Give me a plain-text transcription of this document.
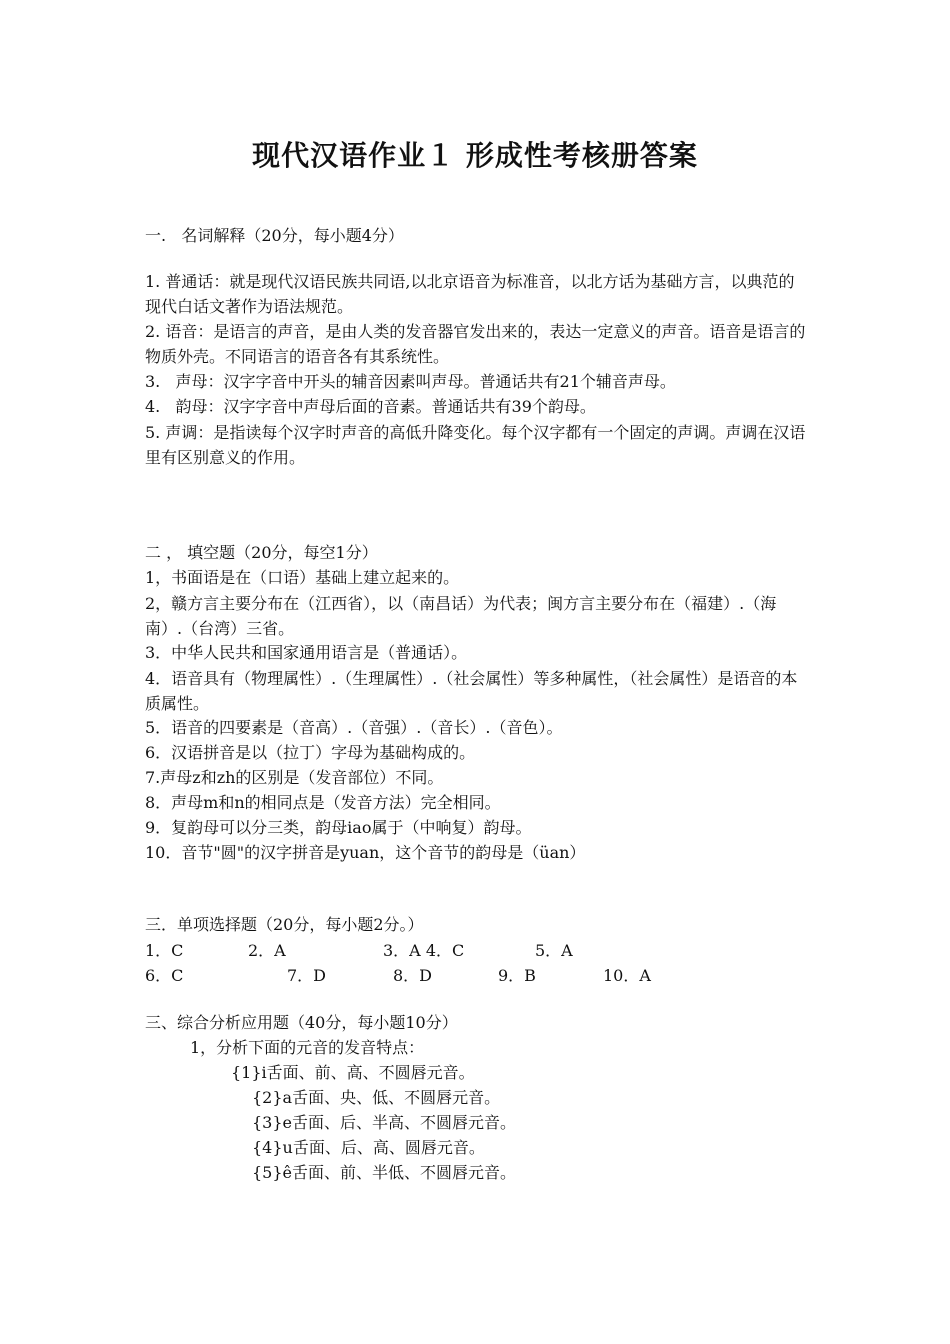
现代汉语作业１ 形成性考核册答案
一.   名词解释（20分，每小题4分）
1. 普通话：就是现代汉语民族共同语,以北京语音为标准音，以北方话为基础方言，以典范的现代白话文著作为语法规范。
2. 语音：是语言的声音，是由人类的发音器官发出来的，表达一定意义的声音。语音是语言的物质外壳。不同语言的语音各有其系统性。
3.   声母：汉字字音中开头的辅音因素叫声母。普通话共有21个辅音声母。
4.   韵母：汉字字音中声母后面的音素。普通话共有39个韵母。
5. 声调：是指读每个汉字时声音的高低升降变化。每个汉字都有一个固定的声调。声调在汉语里有区别意义的作用。
二 ， 填空题（20分，每空1分）
1，书面语是在（口语）基础上建立起来的。
2，赣方言主要分布在（江西省），以（南昌话）为代表；闽方言主要分布在（福建）.（海南）.（台湾）三省。
3．中华人民共和国家通用语言是（普通话）。
4．语音具有（物理属性）.（生理属性）.（社会属性）等多种属性，（社会属性）是语音的本质属性。
5．语音的四要素是（音高）.（音强）.（音长）.（音色）。
6．汉语拼音是以（拉丁）字母为基础构成的。
7.声母z和zh的区别是（发音部位）不同。
8．声母m和n的相同点是（发音方法）完全相同。
9．复韵母可以分三类，韵母iao属于（中响复）韵母。
10．音节"圆"的汉字拼音是yuan，这个音节的韵母是（üan）
三．单项选择题（20分，每小题2分。）

1．C

	2．A

	3．A 4．C

	5．A

6．C

	7．D

	8．D

	9．B

	10．A

三、综合分析应用题（40分，每小题10分）
1，分析下面的元音的发音特点：
{1}i舌面、前、高、不圆唇元音。
{2}a舌面、央、低、不圆唇元音。
{3}e舌面、后、半高、不圆唇元音。
{4}u舌面、后、高、圆唇元音。
{5}ê舌面、前、半低、不圆唇元音。
